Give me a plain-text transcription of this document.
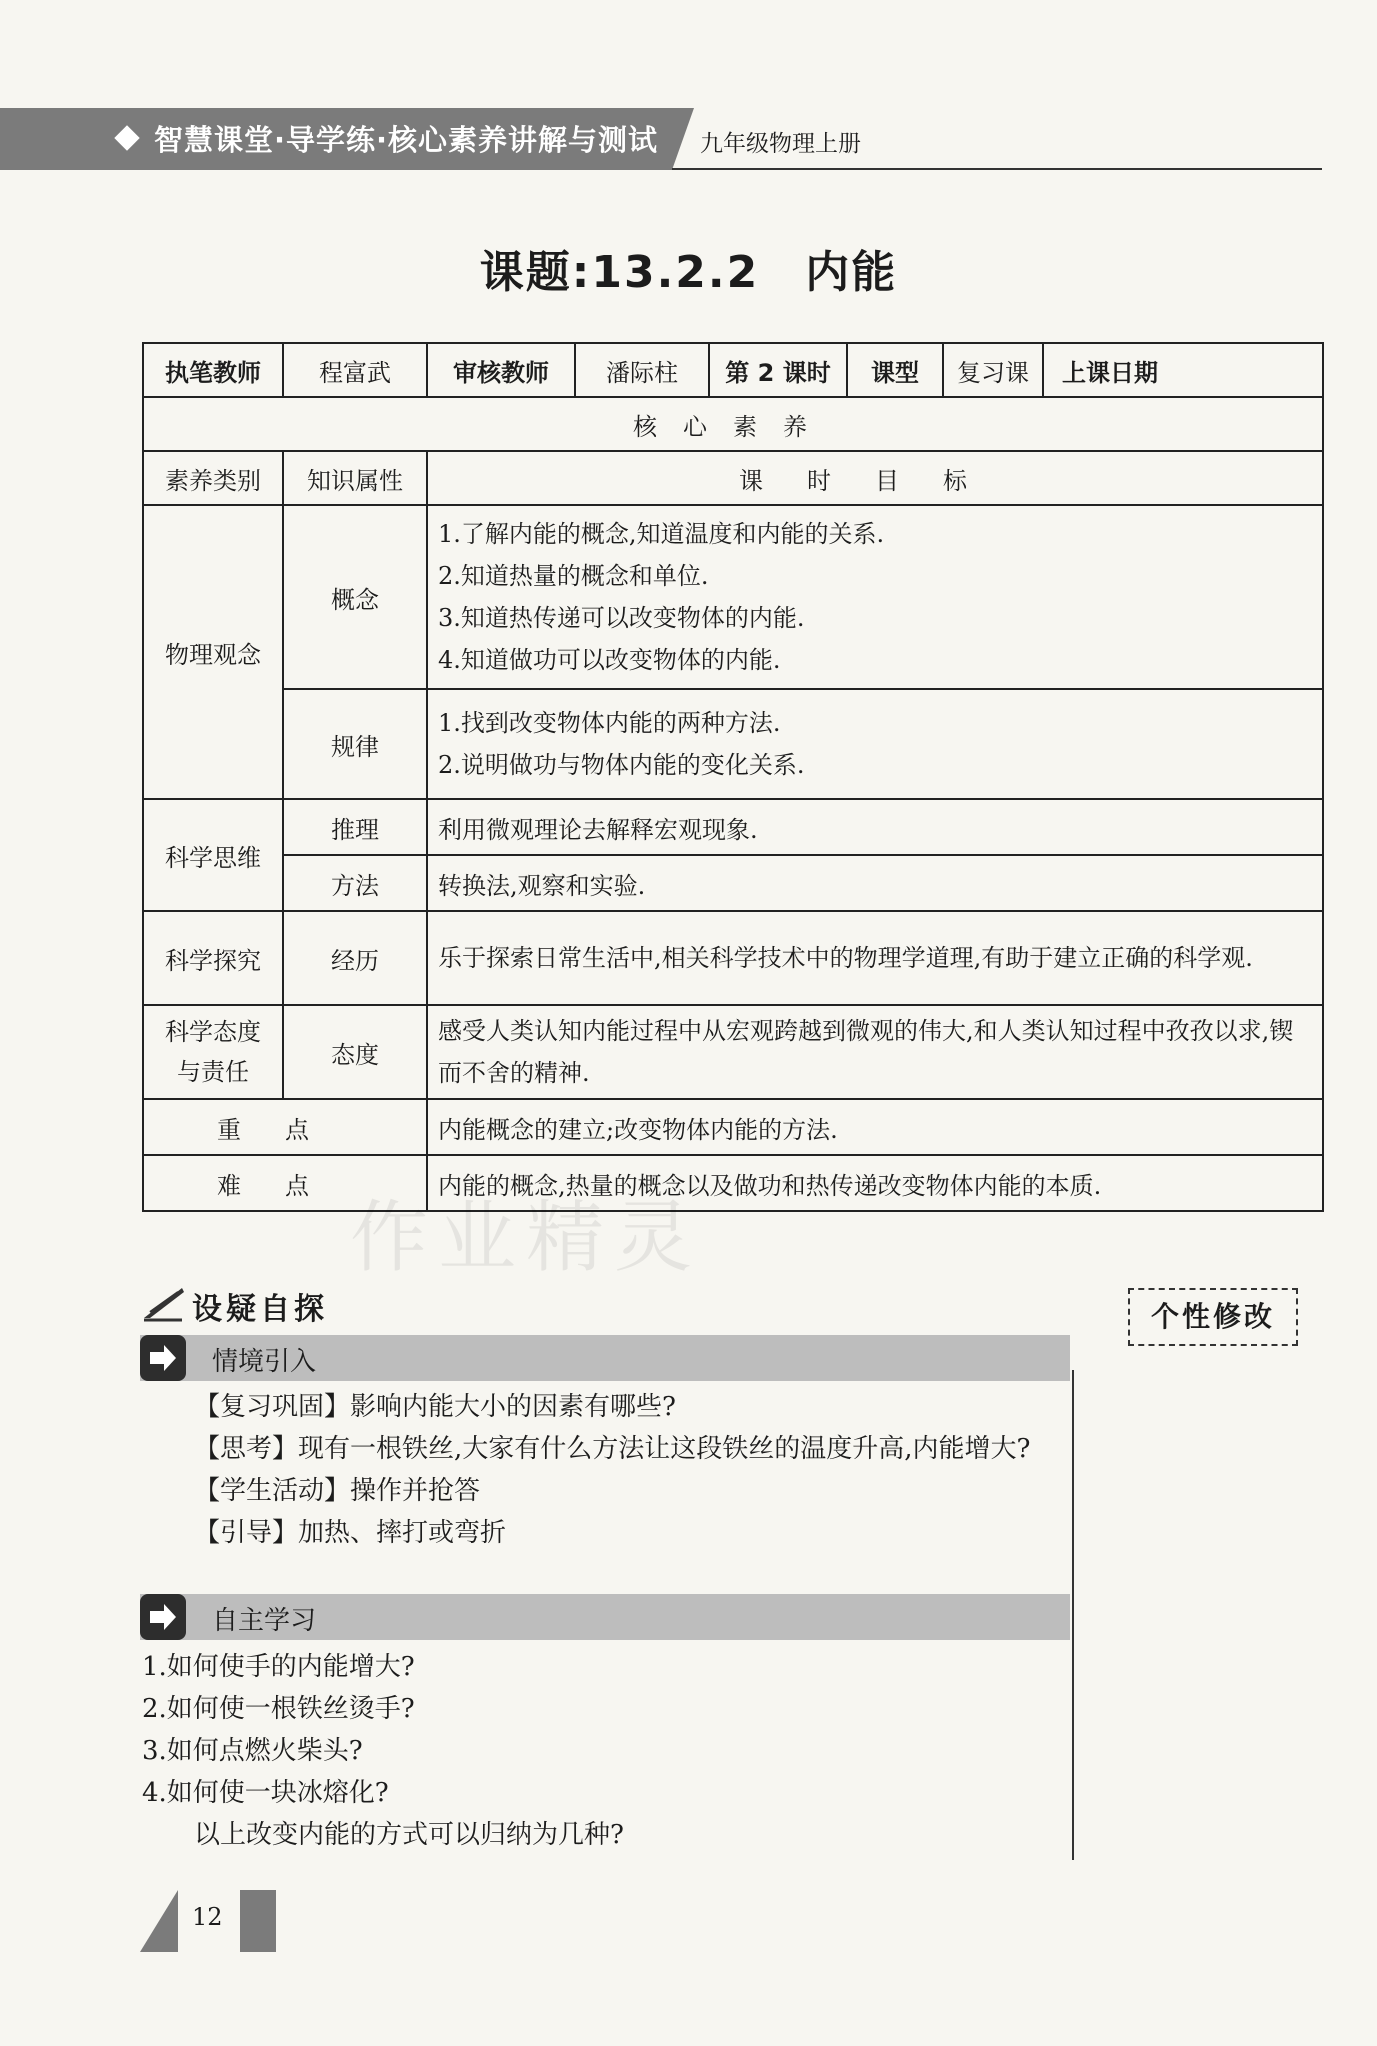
智慧课堂·导学练·核心素养讲解与测试 九年级物理上册
课题:13.2.2　内能
执笔教师	程富武	审核教师	潘际柱	第 2 课时	课型	复习课	上课日期
核心素养							
素养类别	知识属性	课时目标					
物理观念	概念	1.了解内能的概念,知道温度和内能的关系.
2.知道热量的概念和单位.
3.知道热传递可以改变物体的内能.
4.知道做功可以改变物体的内能.					

	规律	1.找到改变物体内能的两种方法.
2.说明做功与物体内能的变化关系.					

科学思维	推理	利用微观理论去解释宏观现象.					
	方法	转换法,观察和实验.					
科学探究	经历	乐于探索日常生活中,相关科学技术中的物理学道理,有助于建立正确的科学观.					

科学态度
与责任	态度	感受人类认知内能过程中从宏观跨越到微观的伟大,和人类认知过程中孜孜以求,锲而不舍的精神.					
重点		内能概念的建立;改变物体内能的方法.					
难点		内能的概念,热量的概念以及做功和热传递改变物体内能的本质.					
作业精灵
设疑自探	个性修改
情境引入
【复习巩固】影响内能大小的因素有哪些?
【思考】现有一根铁丝,大家有什么方法让这段铁丝的温度升高,内能增大?
【学生活动】操作并抢答
【引导】加热、摔打或弯折
自主学习
1.如何使手的内能增大?
2.如何使一根铁丝烫手?
3.如何点燃火柴头?
4.如何使一块冰熔化?
以上改变内能的方式可以归纳为几种?
12
